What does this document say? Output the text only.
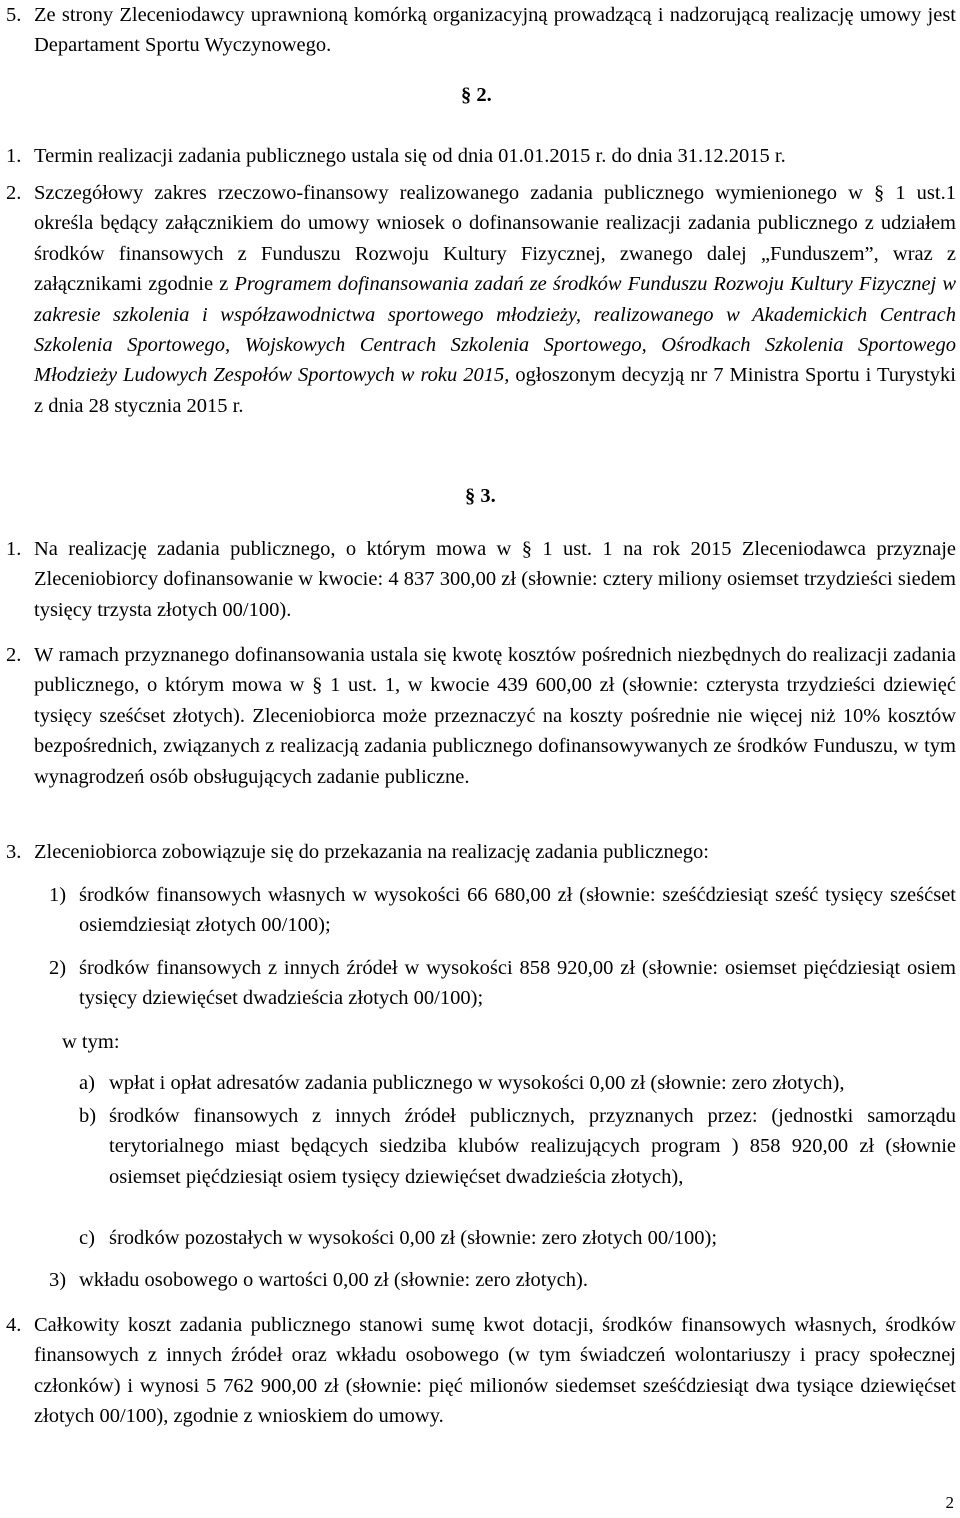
5. Ze strony Zleceniodawcy uprawnioną komórką organizacyjną prowadzącą i nadzorującą realizację umowy jest Departament Sportu Wyczynowego.
§ 2.
1. Termin realizacji zadania publicznego ustala się od dnia 01.01.2015 r. do dnia 31.12.2015 r.
2. Szczegółowy zakres rzeczowo-finansowy realizowanego zadania publicznego wymienionego w § 1 ust.1 określa będący załącznikiem do umowy wniosek o dofinansowanie realizacji zadania publicznego z udziałem środków finansowych z Funduszu Rozwoju Kultury Fizycznej, zwanego dalej „Funduszem”, wraz z załącznikami zgodnie z Programem dofinansowania zadań ze środków Funduszu Rozwoju Kultury Fizycznej w zakresie szkolenia i współzawodnictwa sportowego młodzieży, realizowanego w Akademickich Centrach Szkolenia Sportowego, Wojskowych Centrach Szkolenia Sportowego, Ośrodkach Szkolenia Sportowego Młodzieży Ludowych Zespołów Sportowych w roku 2015, ogłoszonym decyzją nr 7 Ministra Sportu i Turystyki z dnia 28 stycznia 2015 r.
§ 3.
1. Na realizację zadania publicznego, o którym mowa w § 1 ust. 1 na rok 2015 Zleceniodawca przyznaje Zleceniobiorcy dofinansowanie w kwocie: 4 837 300,00 zł (słownie: cztery miliony osiemset trzydzieści siedem tysięcy trzysta złotych 00/100).
2. W ramach przyznanego dofinansowania ustala się kwotę kosztów pośrednich niezbędnych do realizacji zadania publicznego, o którym mowa w § 1 ust. 1, w kwocie 439 600,00 zł (słownie: czterysta trzydzieści dziewięć tysięcy sześćset złotych). Zleceniobiorca może przeznaczyć na koszty pośrednie nie więcej niż 10% kosztów bezpośrednich, związanych z realizacją zadania publicznego dofinansowywanych ze środków Funduszu, w tym wynagrodzeń osób obsługujących zadanie publiczne.
3. Zleceniobiorca zobowiązuje się do przekazania na realizację zadania publicznego:
1) środków finansowych własnych w wysokości 66 680,00 zł (słownie: sześćdziesiąt sześć tysięcy sześćset osiemdziesiąt złotych 00/100);
2) środków finansowych z innych źródeł w wysokości 858 920,00 zł (słownie: osiemset pięćdziesiąt osiem tysięcy dziewięćset dwadzieścia złotych 00/100);
w tym:
a) wpłat i opłat adresatów zadania publicznego w wysokości 0,00 zł (słownie: zero złotych),
b) środków finansowych z innych źródeł publicznych, przyznanych przez: (jednostki samorządu terytorialnego miast będących siedziba klubów realizujących program ) 858 920,00 zł (słownie osiemset pięćdziesiąt osiem tysięcy dziewięćset dwadzieścia złotych),
c) środków pozostałych w wysokości 0,00 zł (słownie: zero złotych 00/100);
3) wkładu osobowego o wartości 0,00 zł (słownie: zero złotych).
4. Całkowity koszt zadania publicznego stanowi sumę kwot dotacji, środków finansowych własnych, środków finansowych z innych źródeł oraz wkładu osobowego (w tym świadczeń wolontariuszy i pracy społecznej członków) i wynosi 5 762 900,00 zł (słownie: pięć milionów siedemset sześćdziesiąt dwa tysiące dziewięćset złotych 00/100), zgodnie z wnioskiem do umowy.
2
